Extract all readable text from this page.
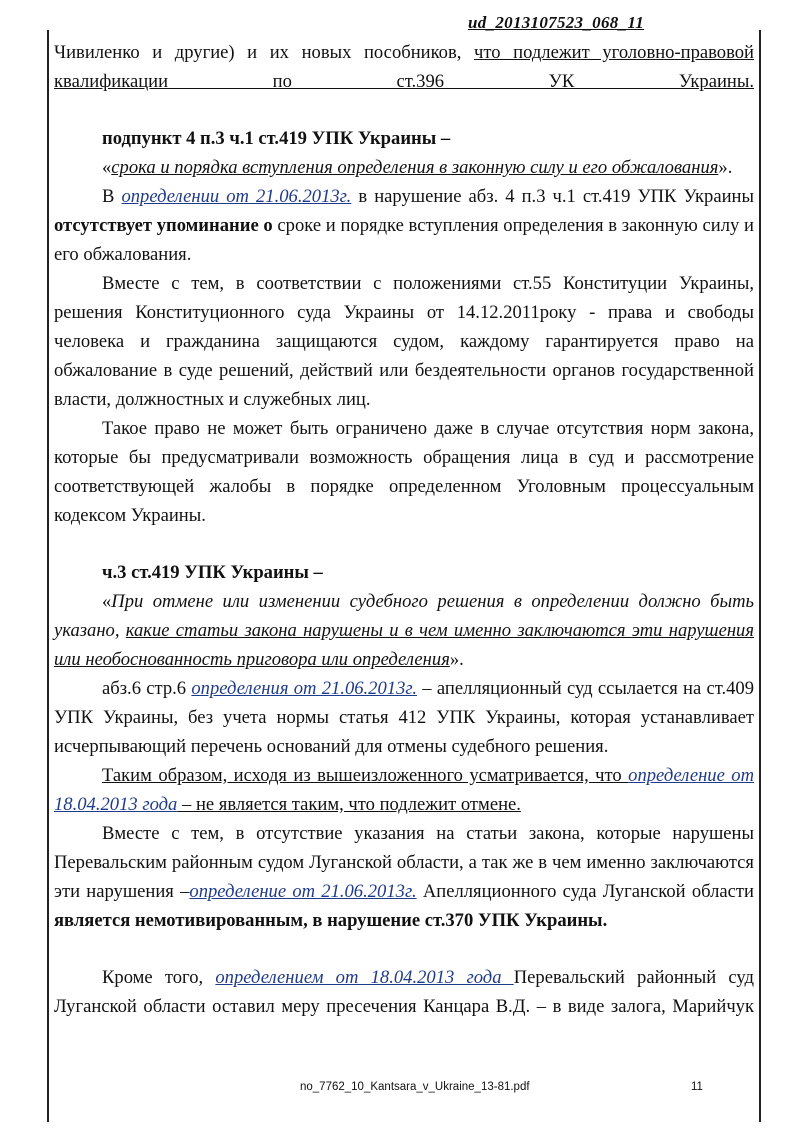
ud_2013107523_068_11

Чивиленко и другие) и их новых пособников, что подлежит уголовно-правовой квалификации по ст.396 УК Украины.

подпункт 4 п.3 ч.1 ст.419 УПК Украины –

«срока и порядка вступления определения в законную силу и его обжалования».

В определении от 21.06.2013г. в нарушение абз. 4 п.3 ч.1 ст.419 УПК Украины отсутствует упоминание о сроке и порядке вступления определения в законную силу и его обжалования.

Вместе с тем, в соответствии с положениями ст.55 Конституции Украины, решения Конституционного суда Украины от 14.12.2011року - права и свободы человека и гражданина защищаются судом, каждому гарантируется право на обжалование в суде решений, действий или бездеятельности органов государственной власти, должностных и служебных лиц.

Такое право не может быть ограничено даже в случае отсутствия норм закона, которые бы предусматривали возможность обращения лица в суд и рассмотрение соответствующей жалобы в порядке определенном Уголовным процессуальным кодексом Украины.

ч.3 ст.419 УПК Украины –

«При отмене или изменении судебного решения в определении должно быть указано, какие статьи закона нарушены и в чем именно заключаются эти нарушения или необоснованность приговора или определения».

абз.6 стр.6 определения от 21.06.2013г. – апелляционный суд ссылается на ст.409 УПК Украины, без учета нормы статья 412 УПК Украины, которая устанавливает исчерпывающий перечень оснований для отмены судебного решения.

Таким образом, исходя из вышеизложенного усматривается, что определение от 18.04.2013 года – не является таким, что подлежит отмене.

Вместе с тем, в отсутствие указания на статьи закона, которые нарушены Перевальским районным судом Луганской области, а так же в чем именно заключаются эти нарушения –определение от 21.06.2013г. Апелляционного суда Луганской области является немотивированным, в нарушение ст.370 УПК Украины.

Кроме того, определением от 18.04.2013 года Перевальский районный суд Луганской области оставил меру пресечения Канцара В.Д. – в виде залога, Марийчук

no_7762_10_Kantsara_v_Ukraine_13-81.pdf	11
